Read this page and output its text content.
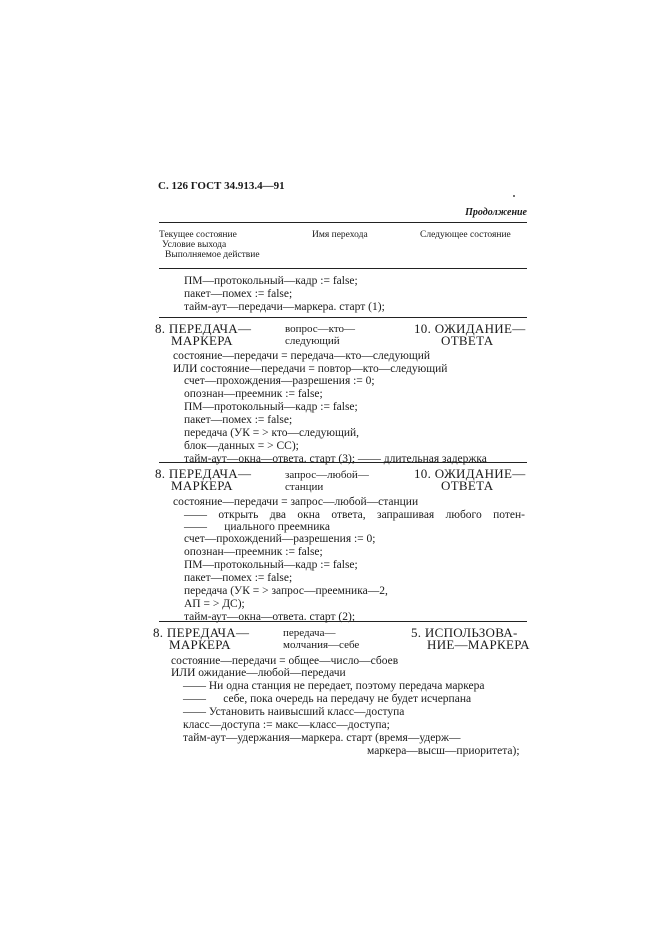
С. 126 ГОСТ 34.913.4—91
Продолжение
Текущее состояние
Условие выхода
Выполняемое действие
Имя перехода	Следующее состояние
ПМ—протокольный—кадр := false;
пакет—помех := false;
тайм-аут—передачи—маркера. старт (1);
8. ПЕРЕДАЧА—
МАРКЕРА
вопрос—кто—
следующий
10. ОЖИДАНИЕ—
ОТВЕТА
состояние—передачи = передача—кто—следующий
ИЛИ состояние—передачи = повтор—кто—следующий
счет—прохождения—разрешения := 0;
опознан—преемник := false;
ПМ—протокольный—кадр := false;
пакет—помех := false;
передача (УК = > кто—следующий,
блок—данных = > СС);
тайм-аут—окна—ответа. старт (3); —— длительная задержка
8. ПЕРЕДАЧА—
МАРКЕРА
запрос—любой—
станции
10. ОЖИДАНИЕ—
ОТВЕТА
состояние—передачи = запрос—любой—станции
—— открыть два окна ответа, запрашивая любого потен-
——      циального преемника
счет—прохождений—разрешения := 0;
опознан—преемник := false;
ПМ—протокольный—кадр := false;
пакет—помех := false;
передача (УК = > запрос—преемника—2,
АП = > ДС);
тайм-аут—окна—ответа. старт (2);
8. ПЕРЕДАЧА—
МАРКЕРА
передача—
молчания—себе
5. ИСПОЛЬЗОВА-
НИЕ—МАРКЕРА
состояние—передачи = общее—число—сбоев
ИЛИ ожидание—любой—передачи
—— Ни одна станция не передает, поэтому передача маркера
——      себе, пока очередь на передачу не будет исчерпана
—— Установить наивысший класс—доступа
класс—доступа := макс—класс—доступа;
тайм-аут—удержания—маркера. старт (время—удерж—
маркера—высш—приоритета);
